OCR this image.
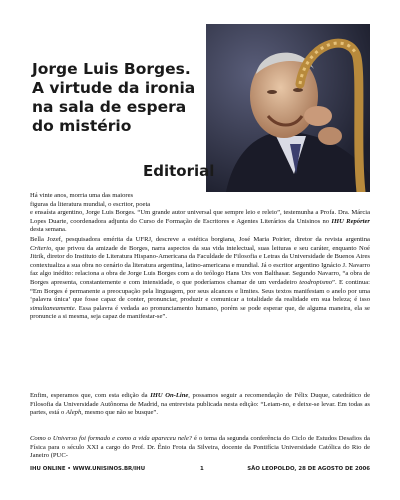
Jorge Luis Borges.
A virtude da ironia
na sala de espera
do mistério
Editorial

Há vinte anos, morria uma das maiores
figuras da literatura mundial, o escritor, poeta

e ensaísta argentino, Jorge Luis Borges. “Um grande autor universal que sempre leio e releio”, testemunha a Profa. Dra. Márcia Lopes Duarte, coordenadora adjunta do Curso de Formação de Escritores e Agentes Literários da Unisinos no IHU Repórter desta semana.

Bella Jozef, pesquisadora emérita da UFRJ, descreve a estética borgiana, José Maria Poirier, diretor da revista argentina Criterio, que privou da amizade de Borges, narra aspectos da sua vida intelectual, suas leituras e seu caráter, enquanto Noé Jitrik, diretor do Instituto de Literatura Hispano-Americana da Faculdade de Filosofia e Letras da Universidade de Buenos Aires contextualiza a sua obra no cenário da literatura argentina, latino-americana e mundial. Já o escritor argentino Ignácio J. Navarro faz algo inédito: relaciona a obra de Jorge Luis Borges com a do teólogo Hans Urs von Balthasar. Segundo Navarro, “a obra de Borges apresenta, constantemente e com intensidade, o que poderíamos chamar de um verdadeiro teodropismo”. E continua: “Em Borges é permanente a preocupação pela linguagem, por seus alcances e limites. Seus textos manifestam o anelo por uma ‘palavra única’ que fosse capaz de conter, pronunciar, produzir e comunicar a totalidade da realidade em sua beleza; é isso simultaneamente. Essa palavra é vedada ao pronunciamento humano, porém se pode esperar que, de alguma maneira, ela se pronuncie a si mesma, seja capaz de manifestar-se”.

Enfim, esperamos que, com esta edição da IHU On-Line, possamos seguir a recomendação de Félix Duque, catedrático de Filosofia da Universidade Autônoma de Madrid, na entrevista publicada nesta edição: “Leiam-no, e deixe-se levar. Em todas as partes, está o Aleph, mesmo que não se busque”.

Como o Universo foi formado e como a vida apareceu nele? é o tema da segunda conferência do Ciclo de Estudos Desafios da Física para o século XXI a cargo do Prof. Dr. Ênio Frota da Silveira, docente da Pontifícia Universidade Católica do Rio de Janeiro (PUC-

IHU ONLINE • WWW.UNISINOS.BR/IHU	1	SÃO LEOPOLDO, 28 DE AGOSTO DE 2006
